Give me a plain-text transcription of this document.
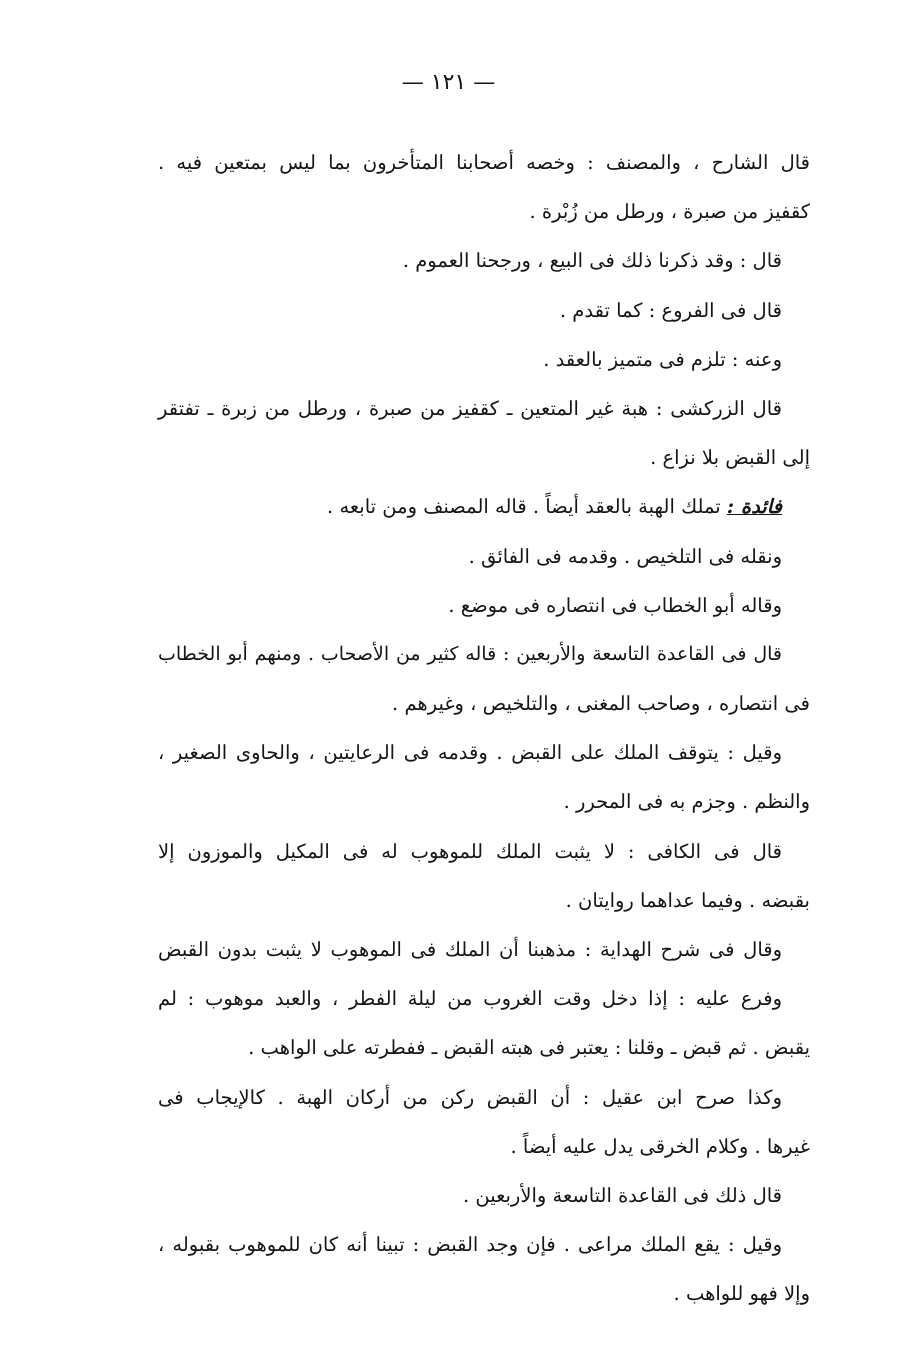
— ١٢١ —
قال الشارح ، والمصنف : وخصه أصحابنا المتأخرون بما ليس بمتعين فيه .
كقفيز من صبرة ، ورطل من زُبْرة .
قال : وقد ذكرنا ذلك فى البيع ، ورجحنا العموم .
قال فى الفروع : كما تقدم .
وعنه : تلزم فى متميز بالعقد .
قال الزركشى : هبة غير المتعين ـ كقفيز من صبرة ، ورطل من زبرة ـ تفتقر
إلى القبض بلا نزاع .
فائدة : تملك الهبة بالعقد أيضاً . قاله المصنف ومن تابعه .
ونقله فى التلخيص . وقدمه فى الفائق .
وقاله أبو الخطاب فى انتصاره فى موضع .
قال فى القاعدة التاسعة والأربعين : قاله كثير من الأصحاب . ومنهم أبو الخطاب
فى انتصاره ، وصاحب المغنى ، والتلخيص ، وغيرهم .
وقيل : يتوقف الملك على القبض . وقدمه فى الرعايتين ، والحاوى الصغير ،
والنظم . وجزم به فى المحرر .
قال فى الكافى : لا يثبت الملك للموهوب له فى المكيل والموزون إلا
بقبضه . وفيما عداهما روايتان .
وقال فى شرح الهداية : مذهبنا أن الملك فى الموهوب لا يثبت بدون القبض
وفرع عليه : إذا دخل وقت الغروب من ليلة الفطر ، والعبد موهوب : لم
يقبض . ثم قبض ـ وقلنا : يعتبر فى هبته القبض ـ ففطرته على الواهب .
وكذا صرح ابن عقيل : أن القبض ركن من أركان الهبة . كالإيجاب فى
غيرها . وكلام الخرقى يدل عليه أيضاً .
قال ذلك فى القاعدة التاسعة والأربعين .
وقيل : يقع الملك مراعى . فإن وجد القبض : تبينا أنه كان للموهوب بقبوله ،
وإلا فهو للواهب .
